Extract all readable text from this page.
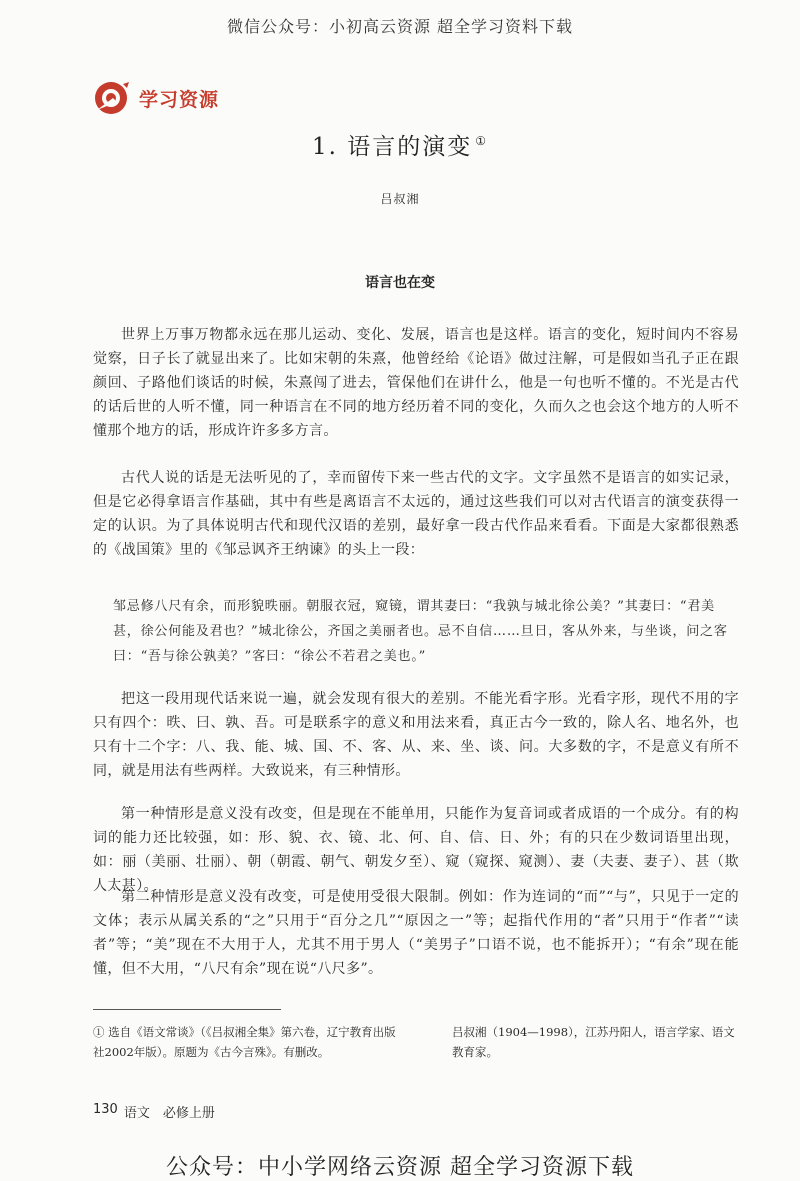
微信公众号：小初高云资源 超全学习资料下载
学习资源
1. 语言的演变 ①
吕叔湘
语言也在变

世界上万事万物都永远在那儿运动、变化、发展，语言也是这样。语言的变化，短时间内不容易觉察，日子长了就显出来了。比如宋朝的朱熹，他曾经给《论语》做过注解，可是假如当孔子正在跟颜回、子路他们谈话的时候，朱熹闯了进去，管保他们在讲什么，他是一句也听不懂的。不光是古代的话后世的人听不懂，同一种语言在不同的地方经历着不同的变化，久而久之也会这个地方的人听不懂那个地方的话，形成许许多多方言。

古代人说的话是无法听见的了，幸而留传下来一些古代的文字。文字虽然不是语言的如实记录，但是它必得拿语言作基础，其中有些是离语言不太远的，通过这些我们可以对古代语言的演变获得一定的认识。为了具体说明古代和现代汉语的差别，最好拿一段古代作品来看看。下面是大家都很熟悉的《战国策》里的《邹忌讽齐王纳谏》的头上一段：

邹忌修八尺有余，而形貌昳丽。朝服衣冠，窥镜，谓其妻曰：“我孰与城北徐公美？”其妻曰：“君美甚，徐公何能及君也？”城北徐公，齐国之美丽者也。忌不自信……旦日，客从外来，与坐谈，问之客曰：“吾与徐公孰美？”客曰：“徐公不若君之美也。”

把这一段用现代话来说一遍，就会发现有很大的差别。不能光看字形。光看字形，现代不用的字只有四个：昳、曰、孰、吾。可是联系字的意义和用法来看，真正古今一致的，除人名、地名外，也只有十二个字：八、我、能、城、国、不、客、从、来、坐、谈、问。大多数的字，不是意义有所不同，就是用法有些两样。大致说来，有三种情形。

第一种情形是意义没有改变，但是现在不能单用，只能作为复音词或者成语的一个成分。有的构词的能力还比较强，如：形、貌、衣、镜、北、何、自、信、日、外；有的只在少数词语里出现，如：丽（美丽、壮丽）、朝（朝霞、朝气、朝发夕至）、窥（窥探、窥测）、妻（夫妻、妻子）、甚（欺人太甚）。

第二种情形是意义没有改变，可是使用受很大限制。例如：作为连词的“而”“与”，只见于一定的文体；表示从属关系的“之”只用于“百分之几”“原因之一”等；起指代作用的“者”只用于“作者”“读者”等；“美”现在不大用于人，尤其不用于男人（“美男子”口语不说，也不能拆开）；“有余”现在能懂，但不大用，“八尺有余”现在说“八尺多”。

① 选自《语文常谈》（《吕叔湘全集》第六卷，辽宁教育出版社2002年版）。原题为《古今言殊》。有删改。

吕叔湘（1904—1998），江苏丹阳人，语言学家、语文教育家。

130 语文　必修上册
公众号：中小学网络云资源 超全学习资源下载
